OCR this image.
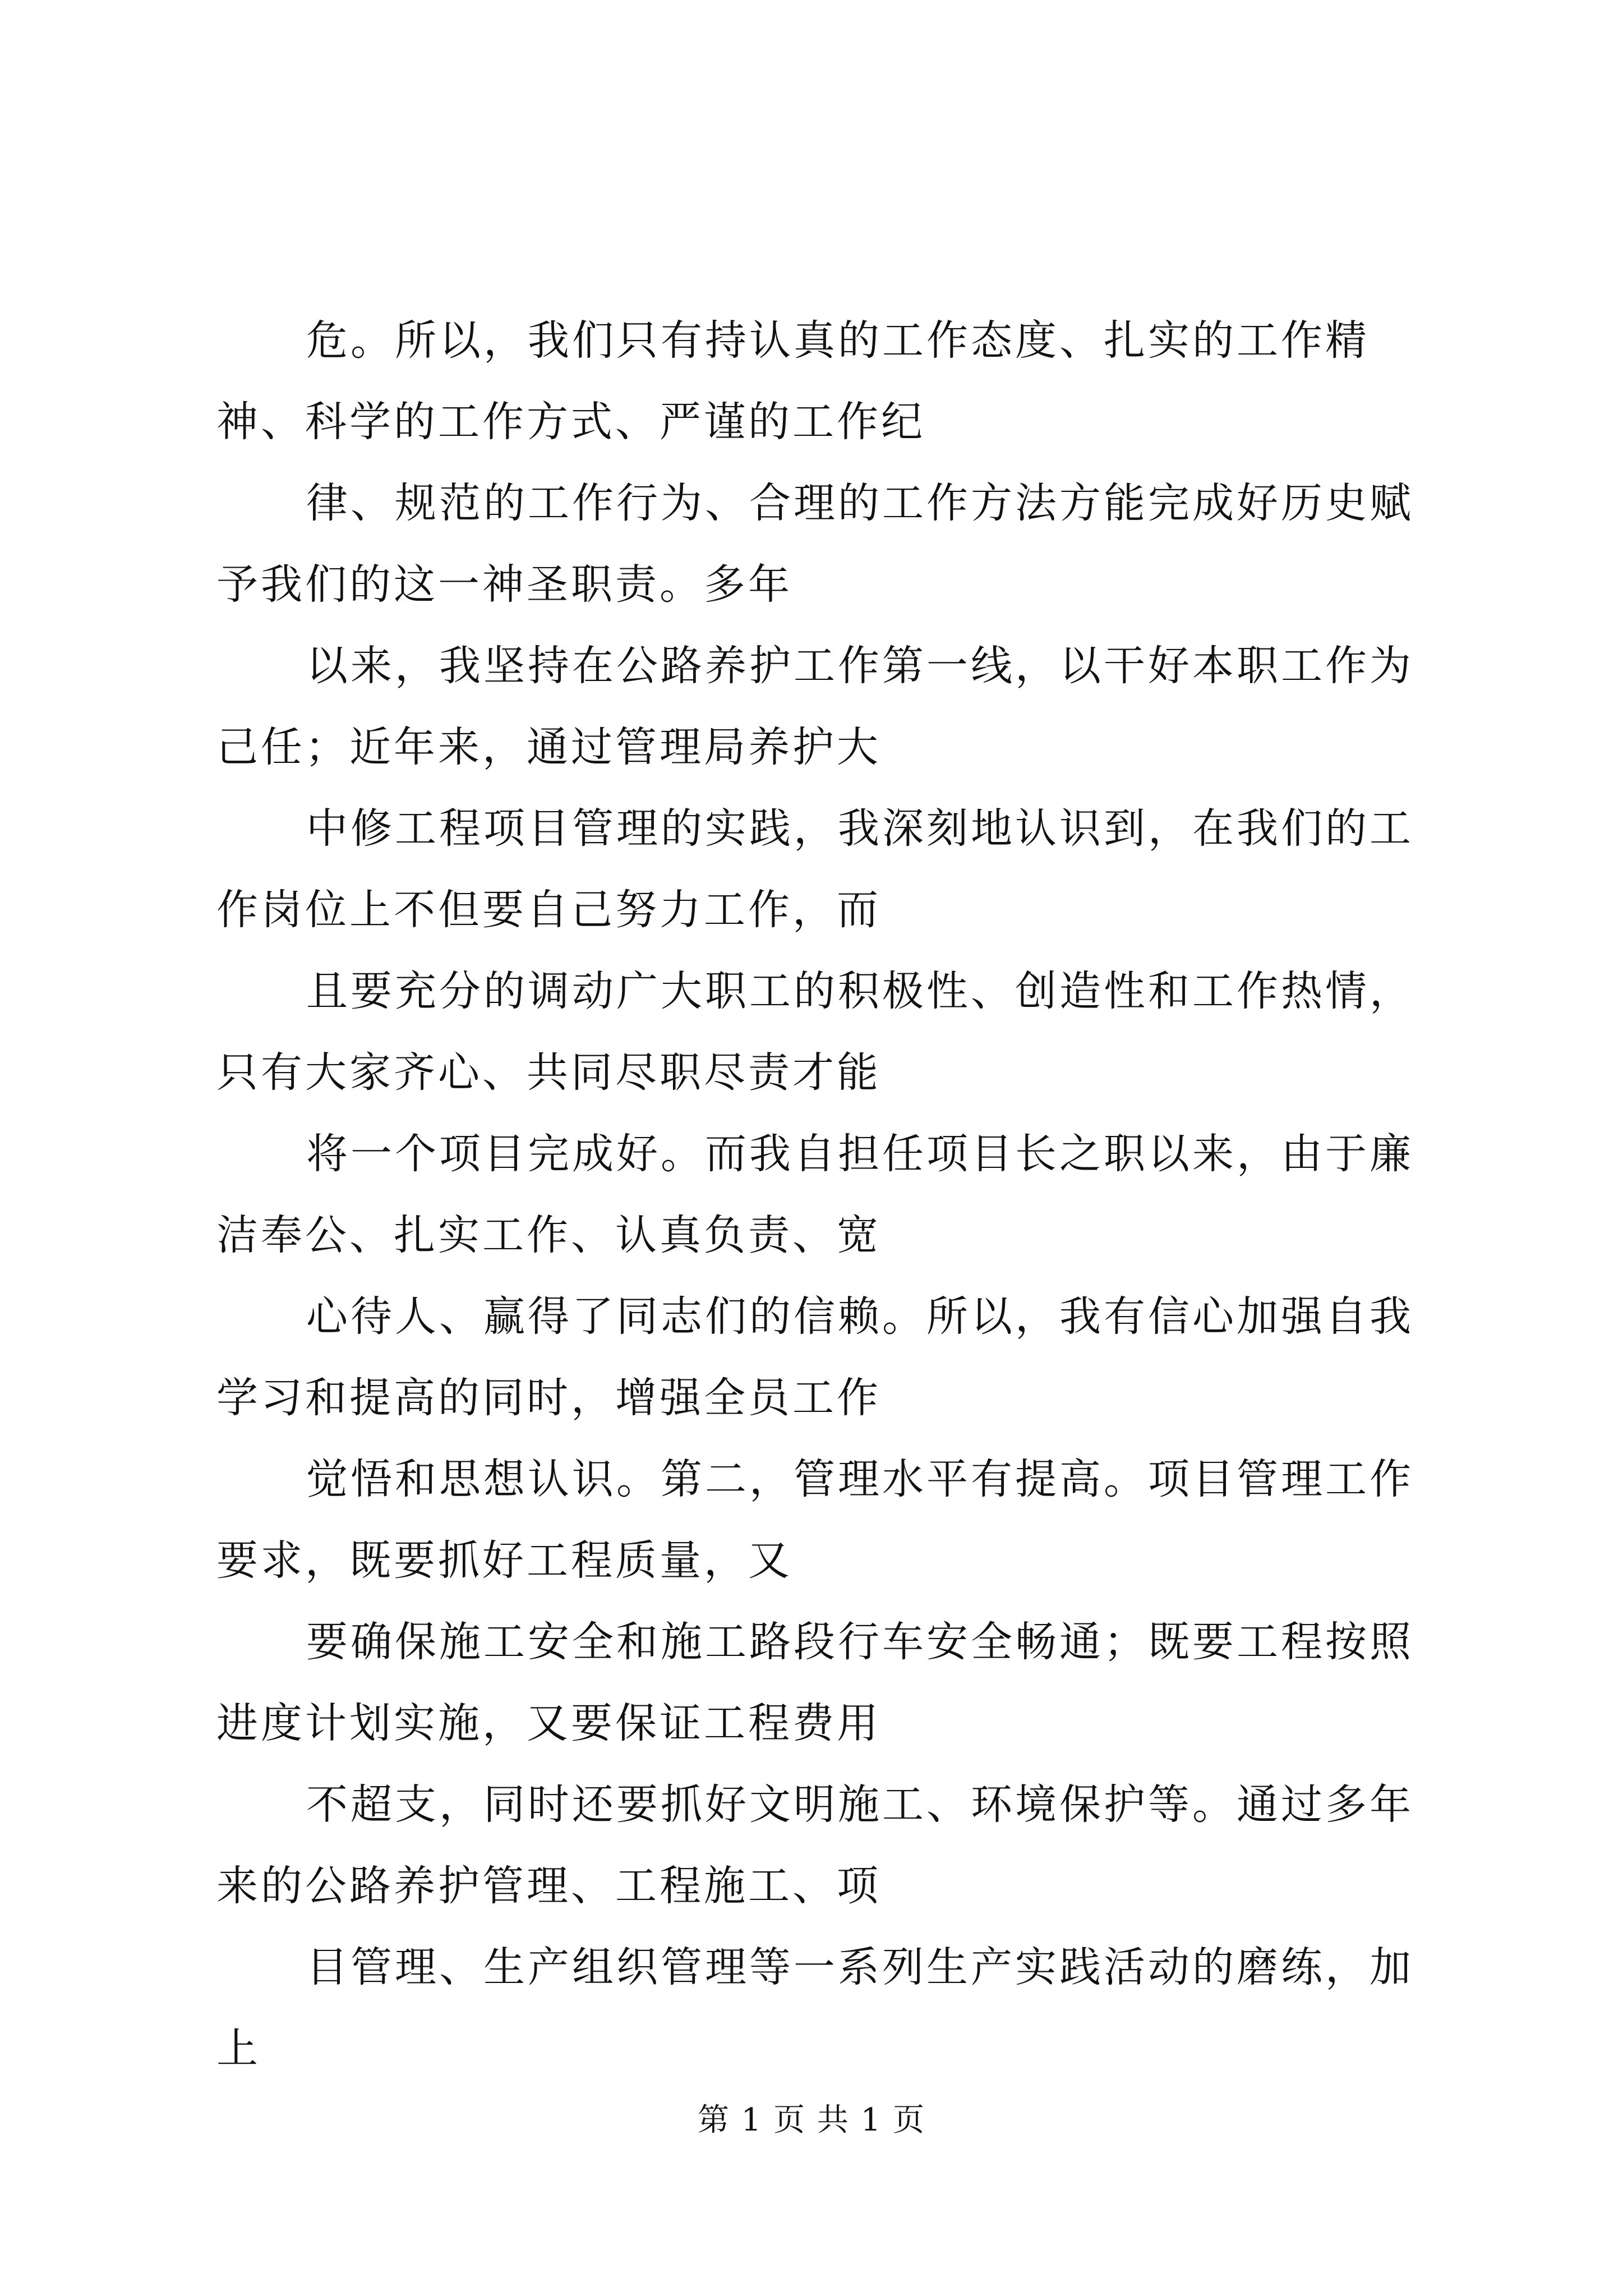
危。所以，我们只有持认真的工作态度、扎实的工作精神、科学的工作方式、严谨的工作纪

律、规范的工作行为、合理的工作方法方能完成好历史赋予我们的这一神圣职责。多年

以来，我坚持在公路养护工作第一线，以干好本职工作为己任；近年来，通过管理局养护大

中修工程项目管理的实践，我深刻地认识到，在我们的工作岗位上不但要自己努力工作，而

且要充分的调动广大职工的积极性、创造性和工作热情，只有大家齐心、共同尽职尽责才能

将一个项目完成好。而我自担任项目长之职以来，由于廉洁奉公、扎实工作、认真负责、宽

心待人、赢得了同志们的信赖。所以，我有信心加强自我学习和提高的同时，增强全员工作

觉悟和思想认识。第二，管理水平有提高。项目管理工作要求，既要抓好工程质量，又

要确保施工安全和施工路段行车安全畅通；既要工程按照进度计划实施，又要保证工程费用

不超支，同时还要抓好文明施工、环境保护等。通过多年来的公路养护管理、工程施工、项

目管理、生产组织管理等一系列生产实践活动的磨练，加上

第 1 页 共 1 页
